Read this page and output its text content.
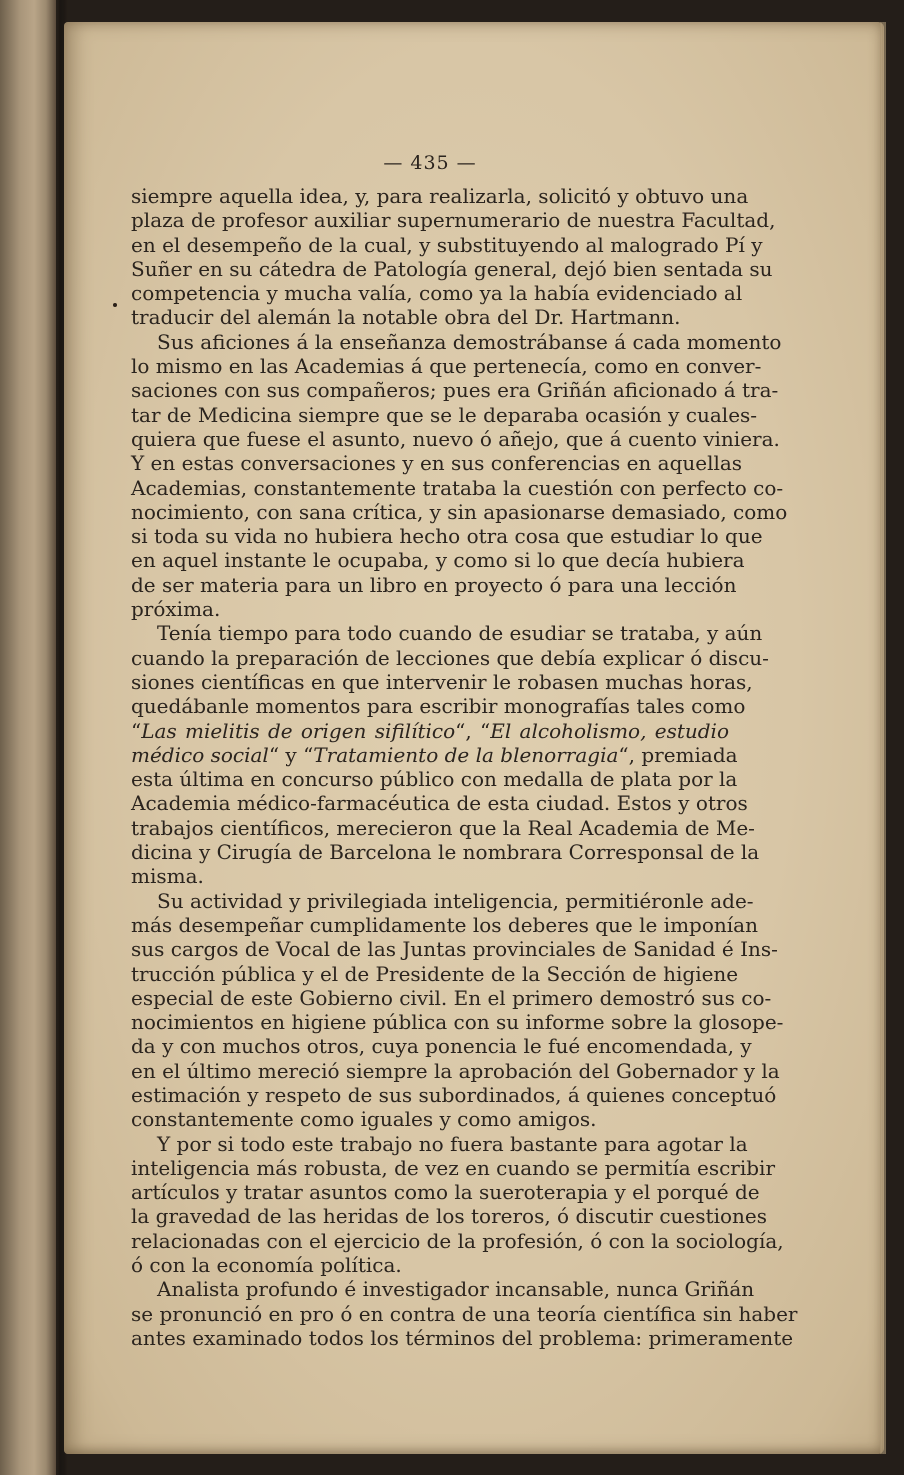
— 435 —
siempre aquella idea, y, para realizarla, solicitó y obtuvo una
plaza de profesor auxiliar supernumerario de nuestra Facultad,
en el desempeño de la cual, y substituyendo al malogrado Pí y
Suñer en su cátedra de Patología general, dejó bien sentada su
competencia y mucha valía, como ya la había evidenciado al
traducir del alemán la notable obra del Dr. Hartmann.
Sus aficiones á la enseñanza demostrábanse á cada momento
lo mismo en las Academias á que pertenecía, como en conver-
saciones con sus compañeros; pues era Griñán aficionado á tra-
tar de Medicina siempre que se le deparaba ocasión y cuales-
quiera que fuese el asunto, nuevo ó añejo, que á cuento viniera.
Y en estas conversaciones y en sus conferencias en aquellas
Academias, constantemente trataba la cuestión con perfecto co-
nocimiento, con sana crítica, y sin apasionarse demasiado, como
si toda su vida no hubiera hecho otra cosa que estudiar lo que
en aquel instante le ocupaba, y como si lo que decía hubiera
de ser materia para un libro en proyecto ó para una lección
próxima.
Tenía tiempo para todo cuando de esudiar se trataba, y aún
cuando la preparación de lecciones que debía explicar ó discu-
siones científicas en que intervenir le robasen muchas horas,
quedábanle momentos para escribir monografías tales como
“Las mielitis de origen sifilítico“, “El alcoholismo, estudio
médico social“ y “Tratamiento de la blenorragia“, premiada
esta última en concurso público con medalla de plata por la
Academia médico-farmacéutica de esta ciudad. Estos y otros
trabajos científicos, merecieron que la Real Academia de Me-
dicina y Cirugía de Barcelona le nombrara Corresponsal de la
misma.
Su actividad y privilegiada inteligencia, permitiéronle ade-
más desempeñar cumplidamente los deberes que le imponían
sus cargos de Vocal de las Juntas provinciales de Sanidad é Ins-
trucción pública y el de Presidente de la Sección de higiene
especial de este Gobierno civil. En el primero demostró sus co-
nocimientos en higiene pública con su informe sobre la glosope-
da y con muchos otros, cuya ponencia le fué encomendada, y
en el último mereció siempre la aprobación del Gobernador y la
estimación y respeto de sus subordinados, á quienes conceptuó
constantemente como iguales y como amigos.
Y por si todo este trabajo no fuera bastante para agotar la
inteligencia más robusta, de vez en cuando se permitía escribir
artículos y tratar asuntos como la sueroterapia y el porqué de
la gravedad de las heridas de los toreros, ó discutir cuestiones
relacionadas con el ejercicio de la profesión, ó con la sociología,
ó con la economía política.
Analista profundo é investigador incansable, nunca Griñán
se pronunció en pro ó en contra de una teoría científica sin haber
antes examinado todos los términos del problema: primeramente
